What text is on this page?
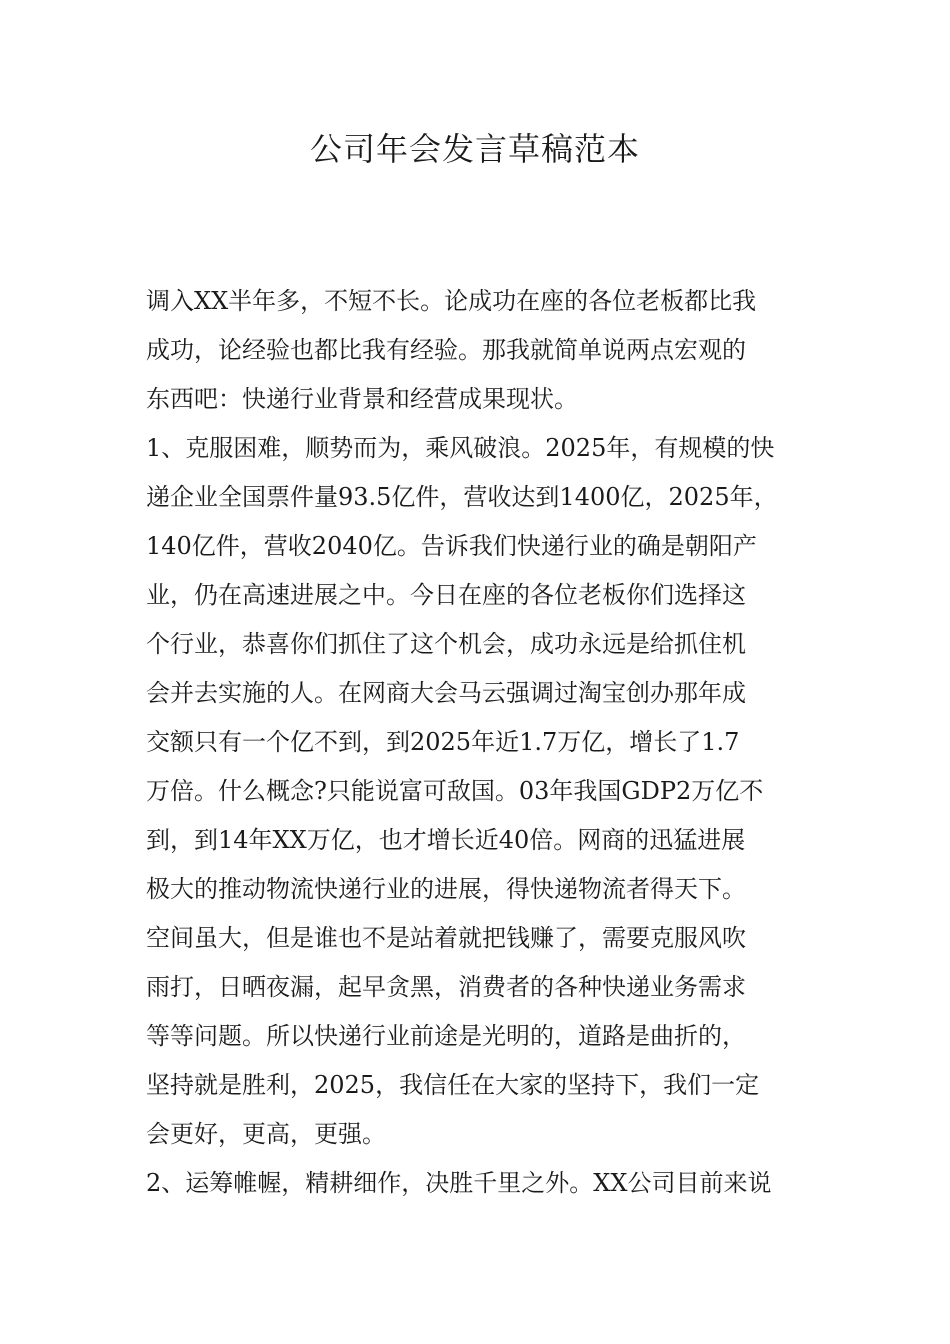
公司年会发言草稿范本
调入XX半年多，不短不长。论成功在座的各位老板都比我
成功，论经验也都比我有经验。那我就简单说两点宏观的
东西吧：快递行业背景和经营成果现状。
1、克服困难，顺势而为，乘风破浪。2025年，有规模的快
递企业全国票件量93.5亿件，营收达到1400亿，2025年，
140亿件，营收2040亿。告诉我们快递行业的确是朝阳产
业，仍在高速进展之中。今日在座的各位老板你们选择这
个行业，恭喜你们抓住了这个机会，成功永远是给抓住机
会并去实施的人。在网商大会马云强调过淘宝创办那年成
交额只有一个亿不到，到2025年近1.7万亿，增长了1.7
万倍。什么概念?只能说富可敌国。03年我国GDP2万亿不
到，到14年XX万亿，也才增长近40倍。网商的迅猛进展
极大的推动物流快递行业的进展，得快递物流者得天下。
空间虽大，但是谁也不是站着就把钱赚了，需要克服风吹
雨打，日晒夜漏，起早贪黑，消费者的各种快递业务需求
等等问题。所以快递行业前途是光明的，道路是曲折的，
坚持就是胜利，2025，我信任在大家的坚持下，我们一定
会更好，更高，更强。
2、运筹帷幄，精耕细作，决胜千里之外。XX公司目前来说
